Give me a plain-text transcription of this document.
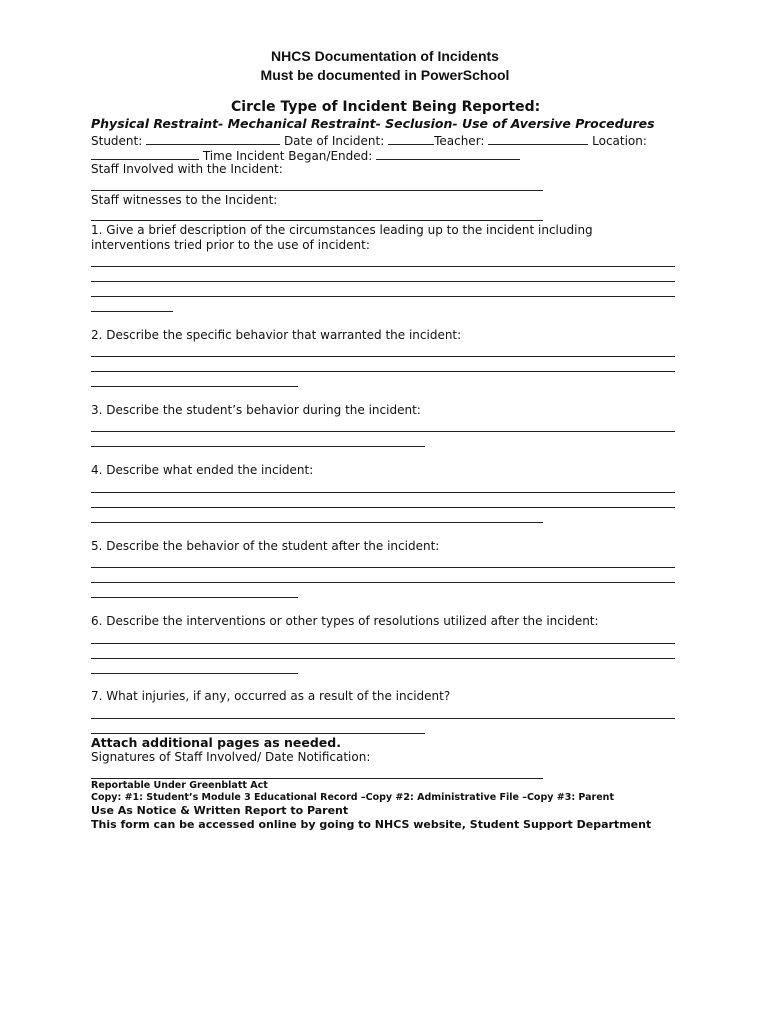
NHCS Documentation of Incidents
Must be documented in PowerSchool
Circle Type of Incident Being Reported:
Physical Restraint- Mechanical Restraint- Seclusion- Use of Aversive Procedures
Student:	Date of Incident:	Teacher:	Location:
Time Incident Began/Ended:
Staff Involved with the Incident:
Staff witnesses to the Incident:
1. Give a brief description of the circumstances leading up to the incident including
interventions tried prior to the use of incident:
2. Describe the specific behavior that warranted the incident:
3. Describe the student’s behavior during the incident:
4. Describe what ended the incident:
5. Describe the behavior of the student after the incident:
6. Describe the interventions or other types of resolutions utilized after the incident:
7. What injuries, if any, occurred as a result of the incident?
Attach additional pages as needed.
Signatures of Staff Involved/ Date Notification:
Reportable Under Greenblatt Act
Copy: #1: Student’s Module 3 Educational Record –Copy #2: Administrative File –Copy #3: Parent
Use As Notice & Written Report to Parent
This form can be accessed online by going to NHCS website, Student Support Department
